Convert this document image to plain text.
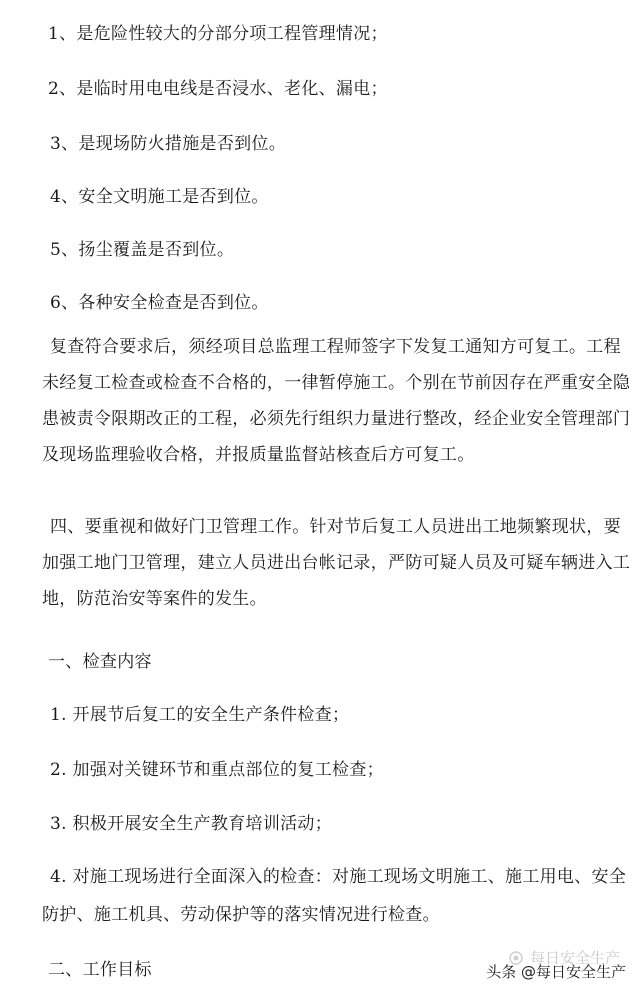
1、是危险性较大的分部分项工程管理情况；
2、是临时用电电线是否浸水、老化、漏电；
3、是现场防火措施是否到位。
4、安全文明施工是否到位。
5、扬尘覆盖是否到位。
6、各种安全检查是否到位。
复查符合要求后，须经项目总监理工程师签字下发复工通知方可复工。工程未经复工检查或检查不合格的，一律暂停施工。个别在节前因存在严重安全隐患被责令限期改正的工程，必须先行组织力量进行整改，经企业安全管理部门及现场监理验收合格，并报质量监督站核查后方可复工。
四、要重视和做好门卫管理工作。针对节后复工人员进出工地频繁现状，要加强工地门卫管理，建立人员进出台帐记录，严防可疑人员及可疑车辆进入工地，防范治安等案件的发生。
一、检查内容
1. 开展节后复工的安全生产条件检查；
2. 加强对关键环节和重点部位的复工检查；
3. 积极开展安全生产教育培训活动；
4. 对施工现场进行全面深入的检查：对施工现场文明施工、施工用电、安全防护、施工机具、劳动保护等的落实情况进行检查。
二、工作目标
每日安全生产
头条 @每日安全生产
